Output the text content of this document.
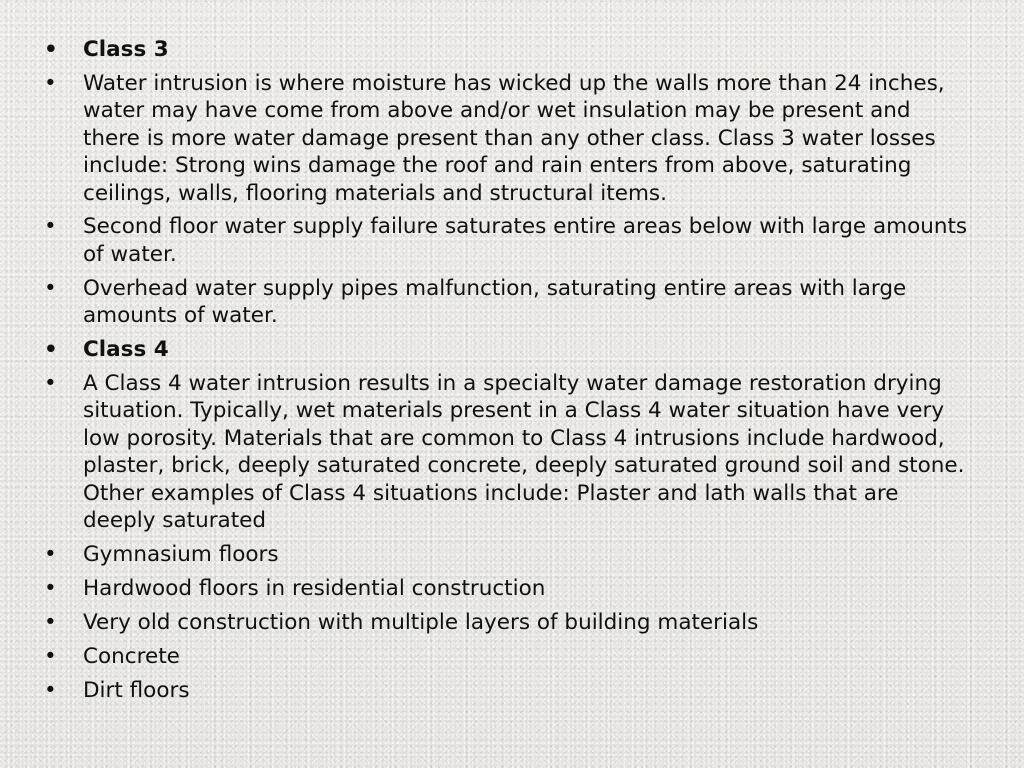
• Class 3
•	Water intrusion is where moisture has wicked up the walls more than 24 inches, water may have come from above and/or wet insulation may be present and there is more water damage present than any other class. Class 3 water losses include: Strong wins damage the roof and rain enters from above, saturating ceilings, walls, flooring materials and structural items.
•	Second floor water supply failure saturates entire areas below with large amounts of water.
•	Overhead water supply pipes malfunction, saturating entire areas with large amounts of water.
• Class 4
•	A Class 4 water intrusion results in a specialty water damage restoration drying situation. Typically, wet materials present in a Class 4 water situation have very low porosity. Materials that are common to Class 4 intrusions include hardwood, plaster, brick, deeply saturated concrete, deeply saturated ground soil and stone. Other examples of Class 4 situations include: Plaster and lath walls that are deeply saturated
•	Gymnasium floors
•	Hardwood floors in residential construction
•	Very old construction with multiple layers of building materials
•	Concrete
•	Dirt floors
